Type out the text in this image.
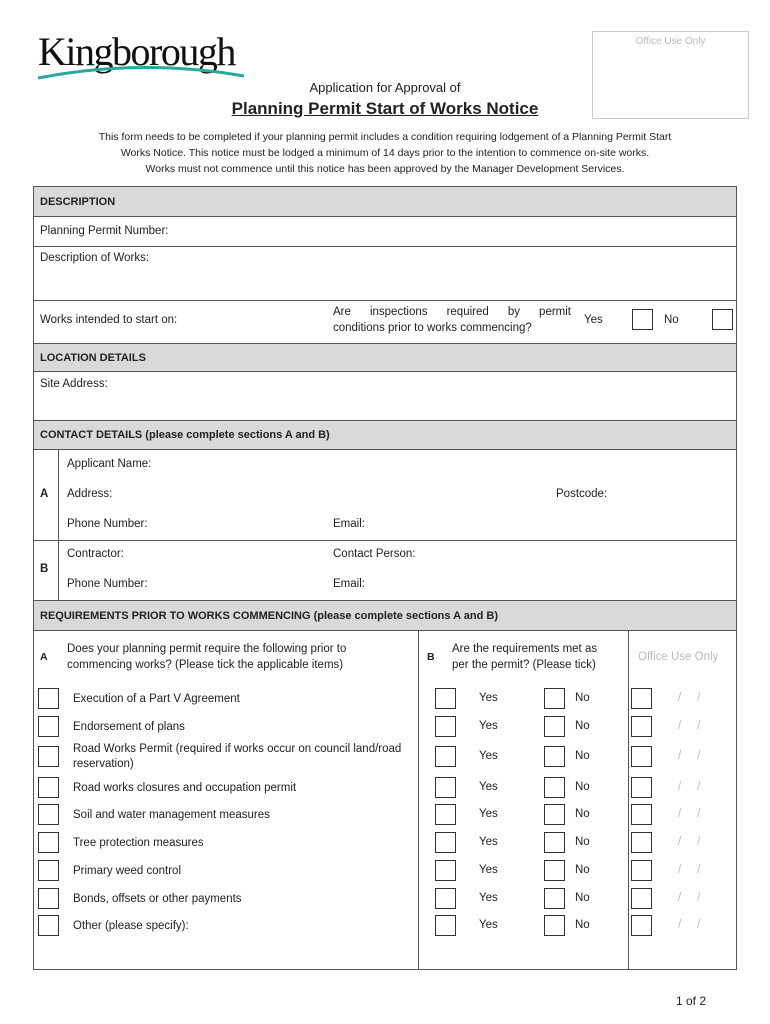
Kingborough	Office Use Only
Application for Approval of
Planning Permit Start of Works Notice
This form needs to be completed if your planning permit includes a condition requiring lodgement of a Planning Permit Start
Works Notice. This notice must be lodged a minimum of 14 days prior to the intention to commence on-site works.
Works must not commence until this notice has been approved by the Manager Development Services.
DESCRIPTION
Planning Permit Number:
Description of Works:
Works intended to start on:
Are inspections required by permit
conditions prior to works commencing?
Yes	No
LOCATION DETAILS
Site Address:
CONTACT DETAILS (please complete sections A and B)
A
Applicant Name:
Address:	Postcode:
Phone Number:	Email:
B
Contractor:	Contact Person:
Phone Number:	Email:
REQUIREMENTS PRIOR TO WORKS COMMENCING (please complete sections A and B)
A
Does your planning permit require the following prior to
commencing works? (Please tick the applicable items)
B
Are the requirements met as
per the permit? (Please tick)
Office Use Only
Execution of a Part V Agreement	Yes	No	/     /
Endorsement of plans	Yes	No	/     /
Road Works Permit (required if works occur on council land/road reservation)
Yes	No	/     /
Road works closures and occupation permit	Yes	No	/     /
Soil and water management measures	Yes	No	/     /
Tree protection measures	Yes	No	/     /
Primary weed control	Yes	No	/     /
Bonds, offsets or other payments	Yes	No	/     /
Other (please specify):	Yes	No	/     /
1 of 2
